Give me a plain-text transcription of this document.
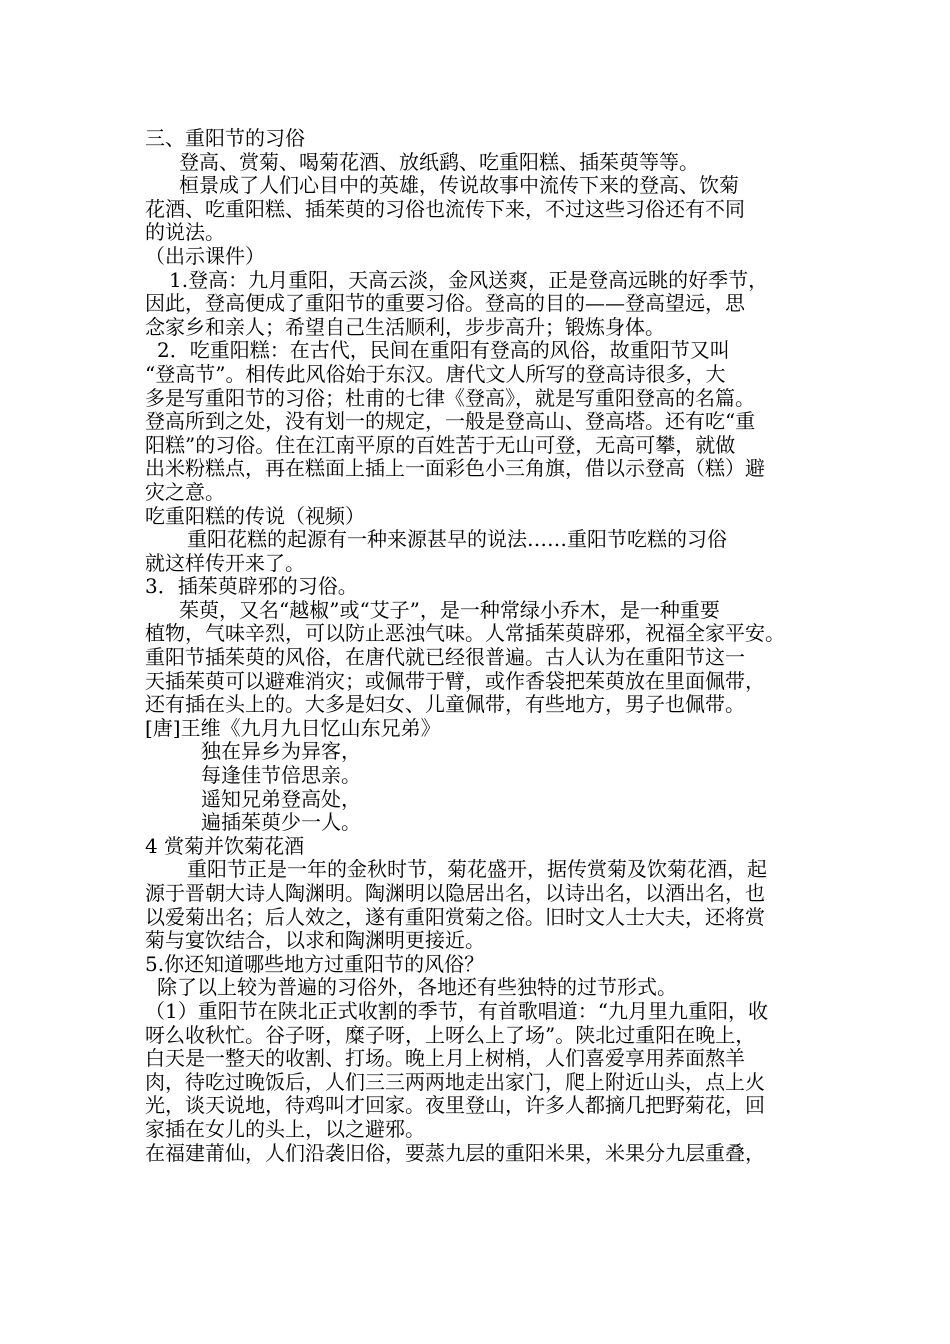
三、重阳节的习俗
登高、赏菊、喝菊花酒、放纸鹞、吃重阳糕、插茱萸等等。
桓景成了人们心目中的英雄，传说故事中流传下来的登高、饮菊
花酒、吃重阳糕、插茱萸的习俗也流传下来，不过这些习俗还有不同
的说法。
（出示课件）
1.登高：九月重阳，天高云淡，金风送爽，正是登高远眺的好季节，
因此，登高便成了重阳节的重要习俗。登高的目的——登高望远，思
念家乡和亲人；希望自己生活顺利，步步高升；锻炼身体。
2．吃重阳糕：在古代，民间在重阳有登高的风俗，故重阳节又叫
“登高节”。相传此风俗始于东汉。唐代文人所写的登高诗很多，大
多是写重阳节的习俗；杜甫的七律《登高》，就是写重阳登高的名篇。
登高所到之处，没有划一的规定，一般是登高山、登高塔。还有吃“重
阳糕”的习俗。住在江南平原的百姓苦于无山可登，无高可攀，就做
出米粉糕点，再在糕面上插上一面彩色小三角旗，借以示登高（糕）避
灾之意。
吃重阳糕的传说（视频）
重阳花糕的起源有一种来源甚早的说法……重阳节吃糕的习俗
就这样传开来了。
3．插茱萸辟邪的习俗。
茱萸，又名“越椒”或“艾子”，是一种常绿小乔木，是一种重要
植物，气味辛烈，可以防止恶浊气味。人常插茱萸辟邪，祝福全家平安。
重阳节插茱萸的风俗，在唐代就已经很普遍。古人认为在重阳节这一
天插茱萸可以避难消灾；或佩带于臂，或作香袋把茱萸放在里面佩带，
还有插在头上的。大多是妇女、儿童佩带，有些地方，男子也佩带。
[唐]王维《九月九日忆山东兄弟》
独在异乡为异客，
每逢佳节倍思亲。
遥知兄弟登高处，
遍插茱萸少一人。
4 赏菊并饮菊花酒
重阳节正是一年的金秋时节，菊花盛开，据传赏菊及饮菊花酒，起
源于晋朝大诗人陶渊明。陶渊明以隐居出名，以诗出名，以酒出名，也
以爱菊出名；后人效之，遂有重阳赏菊之俗。旧时文人士大夫，还将赏
菊与宴饮结合，以求和陶渊明更接近。
5.你还知道哪些地方过重阳节的风俗？
除了以上较为普遍的习俗外，各地还有些独特的过节形式。
（1）重阳节在陕北正式收割的季节，有首歌唱道：“九月里九重阳，收
呀么收秋忙。谷子呀，糜子呀，上呀么上了场”。陕北过重阳在晚上，
白天是一整天的收割、打场。晚上月上树梢，人们喜爱享用荞面熬羊
肉，待吃过晚饭后，人们三三两两地走出家门，爬上附近山头，点上火
光，谈天说地，待鸡叫才回家。夜里登山，许多人都摘几把野菊花，回
家插在女儿的头上，以之避邪。
在福建莆仙，人们沿袭旧俗，要蒸九层的重阳米果，米果分九层重叠，
